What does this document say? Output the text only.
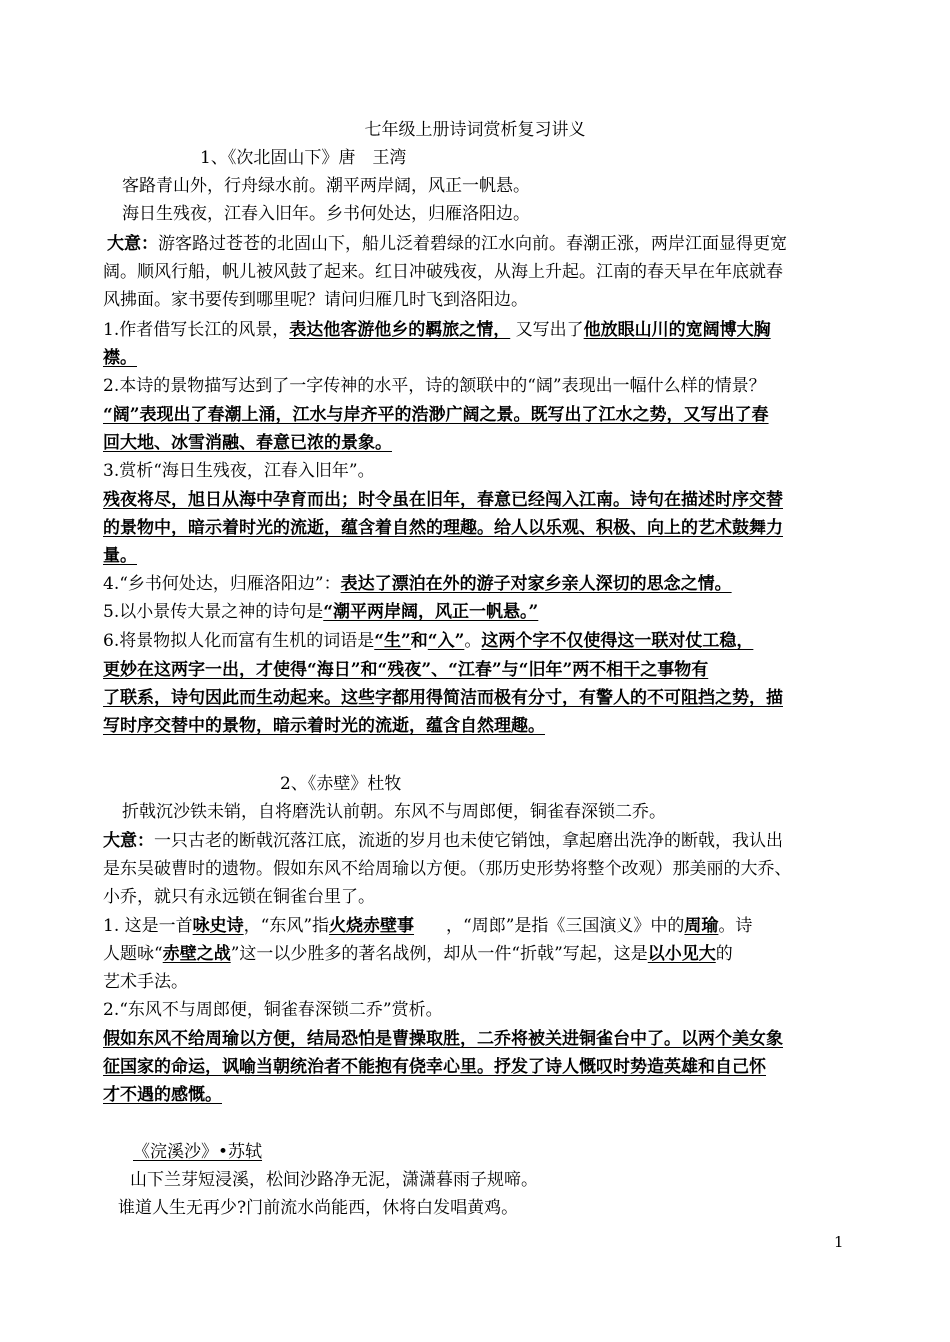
七年级上册诗词赏析复习讲义
1、《次北固山下》唐　王湾
客路青山外，行舟绿水前。潮平两岸阔，风正一帆悬。
海日生残夜，江春入旧年。乡书何处达，归雁洛阳边。
大意：游客路过苍苍的北固山下，船儿泛着碧绿的江水向前。春潮正涨，两岸江面显得更宽
阔。顺风行船，帆儿被风鼓了起来。红日冲破残夜，从海上升起。江南的春天早在年底就春
风拂面。家书要传到哪里呢？请问归雁几时飞到洛阳边。
1.作者借写长江的风景，表达他客游他乡的羁旅之情， 又写出了他放眼山川的宽阔博大胸
襟。
2.本诗的景物描写达到了一字传神的水平，诗的颔联中的“阔”表现出一幅什么样的情景？
“阔”表现出了春潮上涌，江水与岸齐平的浩渺广阔之景。既写出了江水之势，又写出了春
回大地、冰雪消融、春意已浓的景象。
3.赏析“海日生残夜，江春入旧年”。
残夜将尽，旭日从海中孕育而出；时令虽在旧年，春意已经闯入江南。诗句在描述时序交替
的景物中，暗示着时光的流逝，蕴含着自然的理趣。给人以乐观、积极、向上的艺术鼓舞力
量。
4.“乡书何处达，归雁洛阳边”：表达了漂泊在外的游子对家乡亲人深切的思念之情。
5.以小景传大景之神的诗句是“潮平两岸阔，风正一帆悬。”
6.将景物拟人化而富有生机的词语是“生”和“入”。这两个字不仅使得这一联对仗工稳，
更妙在这两字一出，才使得“海日”和“残夜”、“江春”与“旧年”两不相干之事物有
了联系，诗句因此而生动起来。这些字都用得简洁而极有分寸，有警人的不可阻挡之势，描
写时序交替中的景物，暗示着时光的流逝，蕴含自然理趣。
2、《赤壁》杜牧
折戟沉沙铁未销，自将磨洗认前朝。东风不与周郎便，铜雀春深锁二乔。
大意：一只古老的断戟沉落江底，流逝的岁月也未使它销蚀，拿起磨出洗净的断戟，我认出
是东吴破曹时的遗物。假如东风不给周瑜以方便。（那历史形势将整个改观）那美丽的大乔、
小乔，就只有永远锁在铜雀台里了。
1. 这是一首咏史诗，“东风”指火烧赤壁事 ，“周郎”是指《三国演义》中的周瑜。诗
人题咏“赤壁之战”这一以少胜多的著名战例，却从一件“折戟”写起，这是以小见大的
艺术手法。
2.“东风不与周郎便，铜雀春深锁二乔”赏析。
假如东风不给周瑜以方便，结局恐怕是曹操取胜，二乔将被关进铜雀台中了。以两个美女象
征国家的命运，讽喻当朝统治者不能抱有侥幸心里。抒发了诗人慨叹时势造英雄和自己怀
才不遇的感慨。
《浣溪沙》•苏轼
山下兰芽短浸溪，松间沙路净无泥，潇潇暮雨子规啼。
谁道人生无再少?门前流水尚能西，休将白发唱黄鸡。
1
